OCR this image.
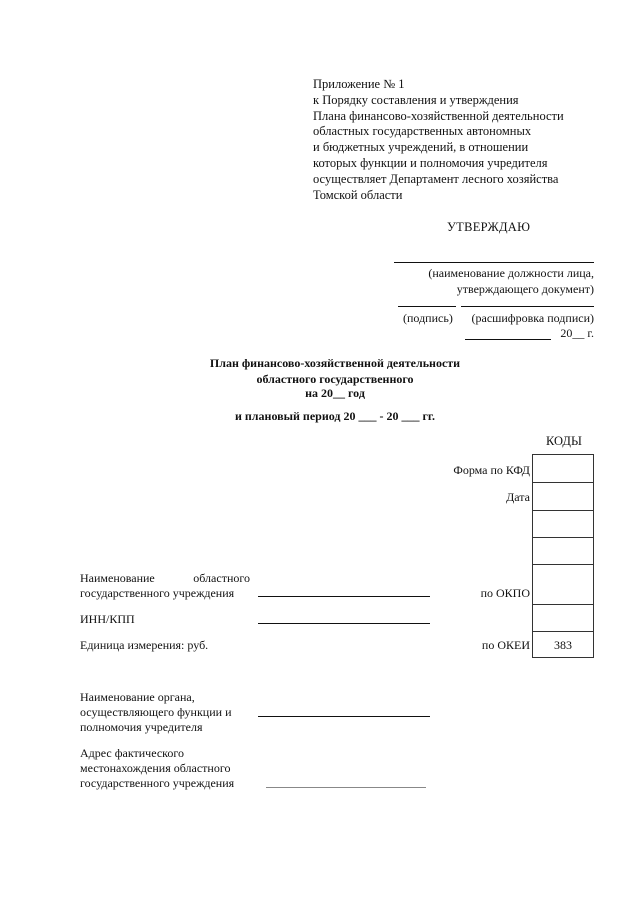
Приложение № 1
к Порядку составления и утверждения
Плана финансово-хозяйственной деятельности
областных государственных автономных
и бюджетных учреждений, в отношении
которых функции и полномочия учредителя
осуществляет Департамент лесного хозяйства
Томской области
УТВЕРЖДАЮ
(наименование должности лица,
утверждающего документ)
(подпись) (расшифровка подписи)
20__ г.
План финансово-хозяйственной деятельности
областного государственного
на 20__ год
и плановый период 20 ___ - 20 ___ гг.
КОДЫ
Форма по КФД
Дата
по ОКПО
по ОКЕИ	383
Наименование	областного
государственного учреждения
ИНН/КПП
Единица измерения: руб.
Наименование органа,
осуществляющего функции и
полномочия учредителя
Адрес фактического
местонахождения областного
государственного учреждения
